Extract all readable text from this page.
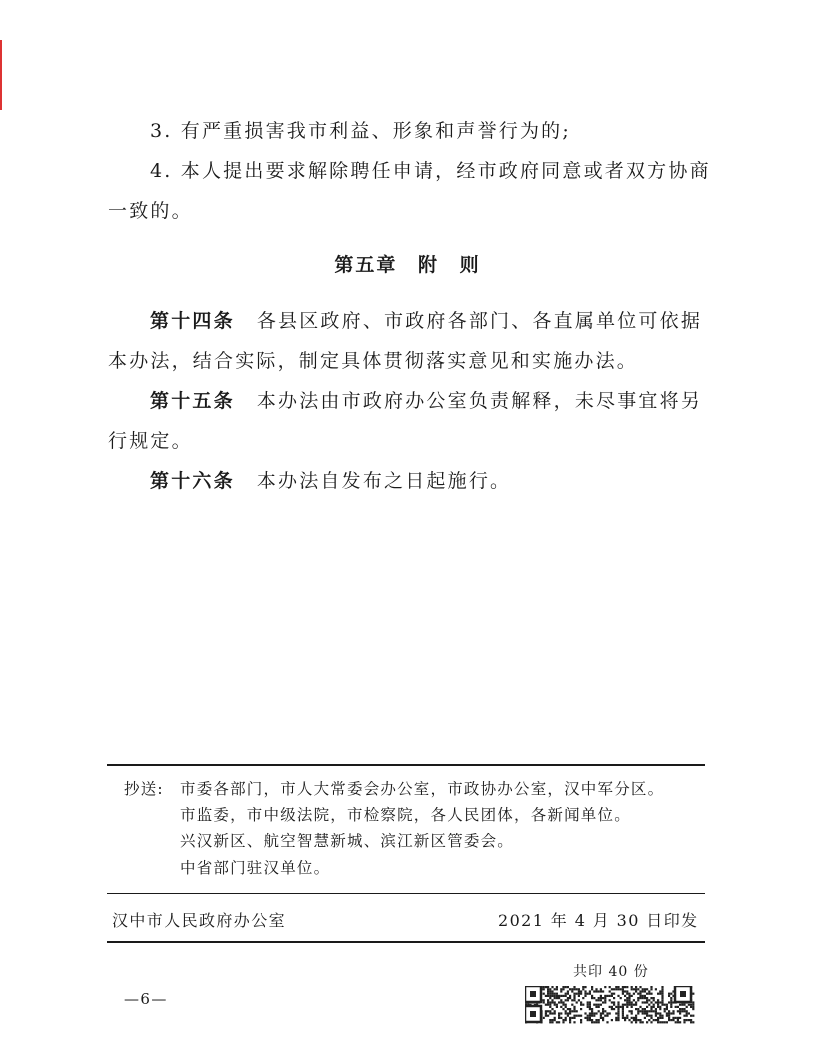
3. 有严重损害我市利益、形象和声誉行为的;
4. 本人提出要求解除聘任申请，经市政府同意或者双方协商
一致的。
第五章 附 则
第十四条 各县区政府、市政府各部门、各直属单位可依据
本办法，结合实际，制定具体贯彻落实意见和实施办法。
第十五条 本办法由市政府办公室负责解释，未尽事宜将另
行规定。
第十六条 本办法自发布之日起施行。
抄送: 市委各部门，市人大常委会办公室，市政协办公室，汉中军分区。
市监委，市中级法院，市检察院，各人民团体，各新闻单位。
兴汉新区、航空智慧新城、滨江新区管委会。
中省部门驻汉单位。
汉中市人民政府办公室	2021 年 4 月 30 日印发
共印 40 份
—6—
